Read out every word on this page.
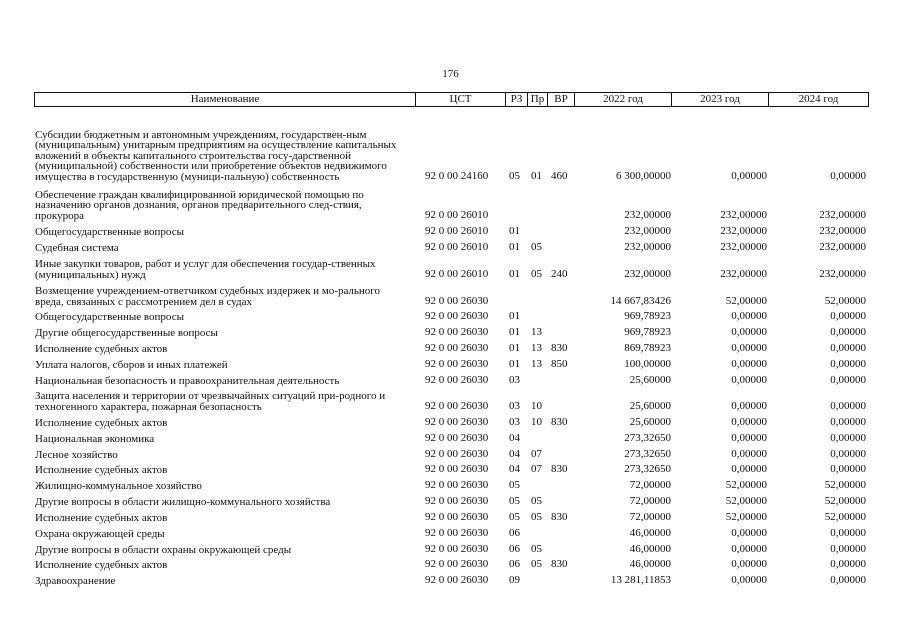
176
Наименование	ЦСТ	РЗ Пр ВР	2022 год	2023 год	2024 год
Субсидии бюджетным и автономным учреждениям, государствен-ным (муниципальным) унитарным предприятиям на осуществление капитальных вложений в объекты капитального строительства госу-дарственной (муниципальной) собственности или приобретение объектов недвижимого имущества в государственную (муници-пальную) собственность	92 0 00 24160 05 01 460	6 300,00000	0,00000	0,00000
Обеспечение граждан квалифицированной юридической помощью по назначению органов дознания, органов предварительного след-ствия, прокурора	92 0 00 26010	232,00000	232,00000	232,00000
Общегосударственные вопросы	92 0 00 26010 01	232,00000	232,00000	232,00000
Судебная система	92 0 00 26010 01 05	232,00000	232,00000	232,00000
Иные закупки товаров, работ и услуг для обеспечения государ-ственных (муниципальных) нужд	92 0 00 26010 01 05 240	232,00000	232,00000	232,00000
Возмещение учреждением-ответчиком судебных издержек и мо-рального вреда, связанных с рассмотрением дел в судах	92 0 00 26030	14 667,83426	52,00000	52,00000
Общегосударственные вопросы	92 0 00 26030 01	969,78923	0,00000	0,00000
Другие общегосударственные вопросы	92 0 00 26030 01 13	969,78923	0,00000	0,00000
Исполнение судебных актов	92 0 00 26030 01 13 830	869,78923	0,00000	0,00000
Уплата налогов, сборов и иных платежей	92 0 00 26030 01 13 850	100,00000	0,00000	0,00000
Национальная безопасность и правоохранительная деятельность	92 0 00 26030 03	25,60000	0,00000	0,00000
Защита населения и территории от чрезвычайных ситуаций при-родного и техногенного характера, пожарная безопасность	92 0 00 26030 03 10	25,60000	0,00000	0,00000
Исполнение судебных актов	92 0 00 26030 03 10 830	25,60000	0,00000	0,00000
Национальная экономика	92 0 00 26030 04	273,32650	0,00000	0,00000
Лесное хозяйство	92 0 00 26030 04 07	273,32650	0,00000	0,00000
Исполнение судебных актов	92 0 00 26030 04 07 830	273,32650	0,00000	0,00000
Жилищно-коммунальное хозяйство	92 0 00 26030 05	72,00000	52,00000	52,00000
Другие вопросы в области жилищно-коммунального хозяйства	92 0 00 26030 05 05	72,00000	52,00000	52,00000
Исполнение судебных актов	92 0 00 26030 05 05 830	72,00000	52,00000	52,00000
Охрана окружающей среды	92 0 00 26030 06	46,00000	0,00000	0,00000
Другие вопросы в области охраны окружающей среды	92 0 00 26030 06 05	46,00000	0,00000	0,00000
Исполнение судебных актов	92 0 00 26030 06 05 830	46,00000	0,00000	0,00000
Здравоохранение	92 0 00 26030 09	13 281,11853	0,00000	0,00000
